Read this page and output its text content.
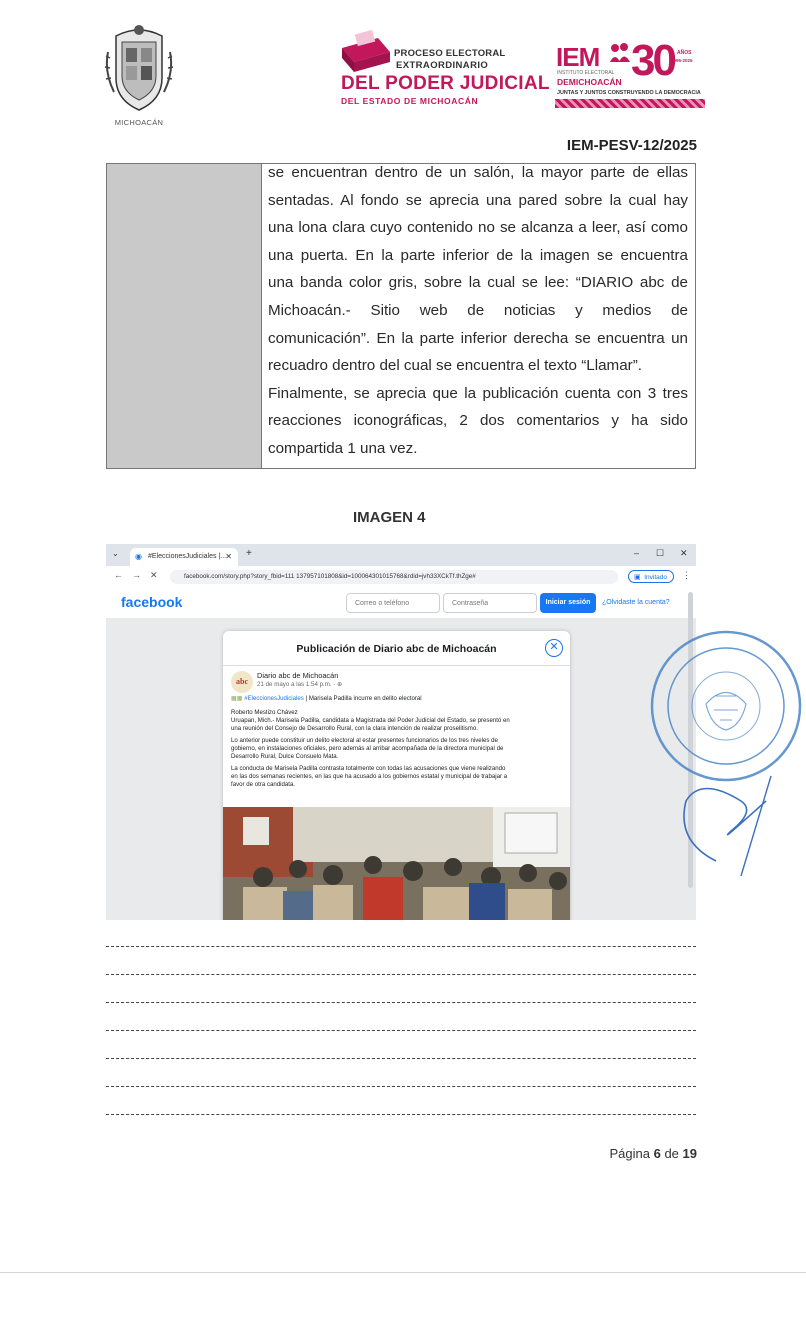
MICHOACÁN
PROCESO ELECTORAL
EXTRAORDINARIO
DEL PODER JUDICIAL
DEL ESTADO DE MICHOACÁN
IEM
INSTITUTO ELECTORAL
DEMICHOACÁN 30 AÑOS
1995-2025
JUNTAS Y JUNTOS CONSTRUYENDO LA DEMOCRACIA
IEM-PESV-12/2025
se encuentran dentro de un salón, la mayor parte de ellas
sentadas. Al fondo se aprecia una pared sobre la cual hay
una lona clara cuyo contenido no se alcanza a leer, así como
una puerta. En la parte inferior de la imagen se encuentra
una banda color gris, sobre la cual se lee: “DIARIO abc de
Michoacán.- Sitio web de noticias y medios de
comunicación”. En la parte inferior derecha se encuentra un
recuadro dentro del cual se encuentra el texto “Llamar”.
Finalmente, se aprecia que la publicación cuenta con 3 tres
reacciones iconográficas, 2 dos comentarios y ha sido
compartida 1 una vez.
IMAGEN 4
⌄ ◉ #EleccionesJudiciales |... ✕ +	– ☐ ✕
← → ✕	facebook.com/story.php?story_fbid=111 137957101808&id=100064301015768&rdid=jvh33XCkTf.thZge#	▣ Invitado	⋮
facebook	Correo o teléfono	Contraseña	Iniciar sesión	¿Olvidaste la cuenta?
Publicación de Diario abc de Michoacán	✕
abc
Diario abc de Michoacán
21 de mayo a las 1:54 p.m. · ⊕
▦▦ #EleccionesJudiciales | Marisela Padilla incurre en delito electoral
Roberto Mestizo Chávez
Uruapan, Mich.- Marisela Padilla, candidata a Magistrada del Poder Judicial del Estado, se presentó en
una reunión del Consejo de Desarrollo Rural, con la clara intención de realizar proselitismo.
Lo anterior puede constituir un delito electoral al estar presentes funcionarios de los tres niveles de
gobierno, en instalaciones oficiales, pero además al arribar acompañada de la directora municipal de
Desarrollo Rural, Dulce Consuelo Mata.
La conducta de Marisela Padilla contrasta totalmente con todas las acusaciones que viene realizando
en las dos semanas recientes, en las que ha acusado a los gobiernos estatal y municipal de trabajar a
favor de otra candidata.
Página 6 de 19
